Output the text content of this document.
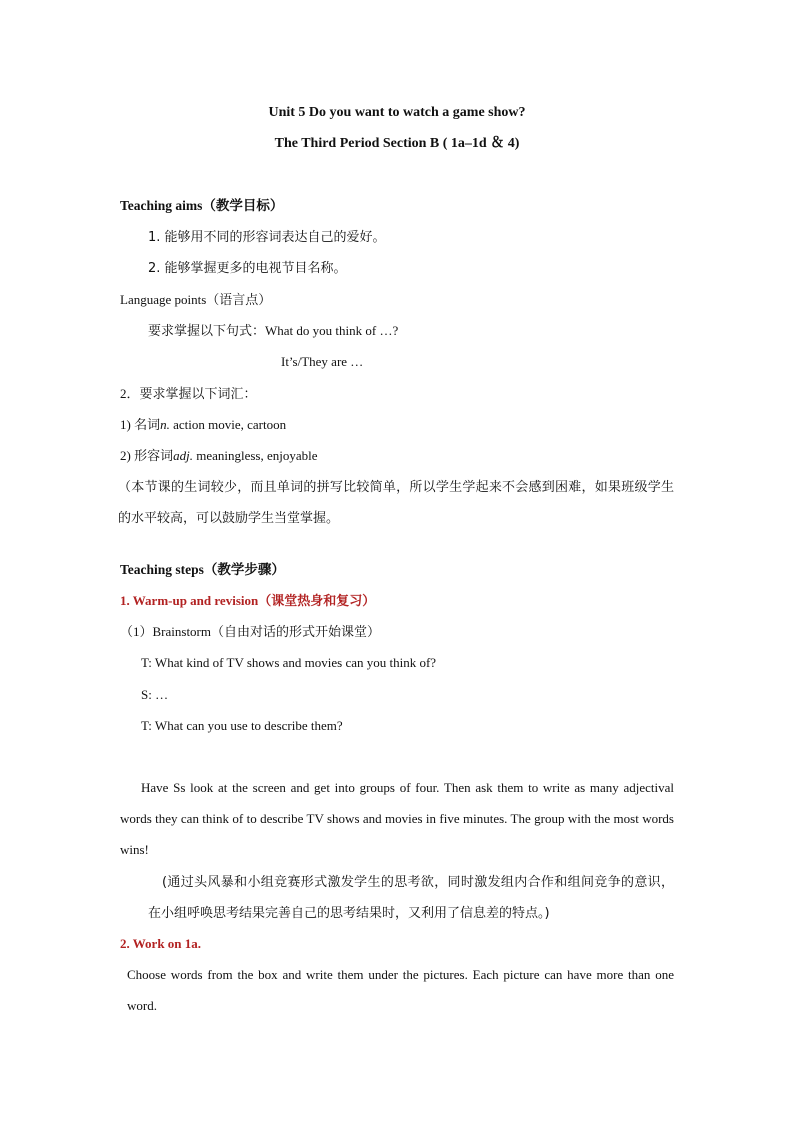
Unit 5 Do you want to watch a game show?
The Third Period Section B ( 1a–1d ＆ 4)
Teaching aims（教学目标）
1. 能够用不同的形容词表达自己的爱好。
2. 能够掌握更多的电视节目名称。
Language points（语言点）
要求掌握以下句式：What do you think of …?
It’s/They are …
2．要求掌握以下词汇：
1) 名词n. action movie, cartoon
2) 形容词adj. meaningless, enjoyable
（本节课的生词较少，而且单词的拼写比较简单，所以学生学起来不会感到困难，如果班级学生的水平较高，可以鼓励学生当堂掌握。
Teaching steps（教学步骤）
1. Warm-up and revision（课堂热身和复习）
（1）Brainstorm（自由对话的形式开始课堂）
T: What kind of TV shows and movies can you think of?
S: …
T: What can you use to describe them?
Have Ss look at the screen and get into groups of four. Then ask them to write as many adjectival words they can think of to describe TV shows and movies in five minutes. The group with the most words wins!
(通过头风暴和小组竞赛形式激发学生的思考欲，同时激发组内合作和组间竞争的意识，在小组呼唤思考结果完善自己的思考结果时，又利用了信息差的特点。)
2. Work on 1a.
Choose words from the box and write them under the pictures. Each picture can have more than one word.
